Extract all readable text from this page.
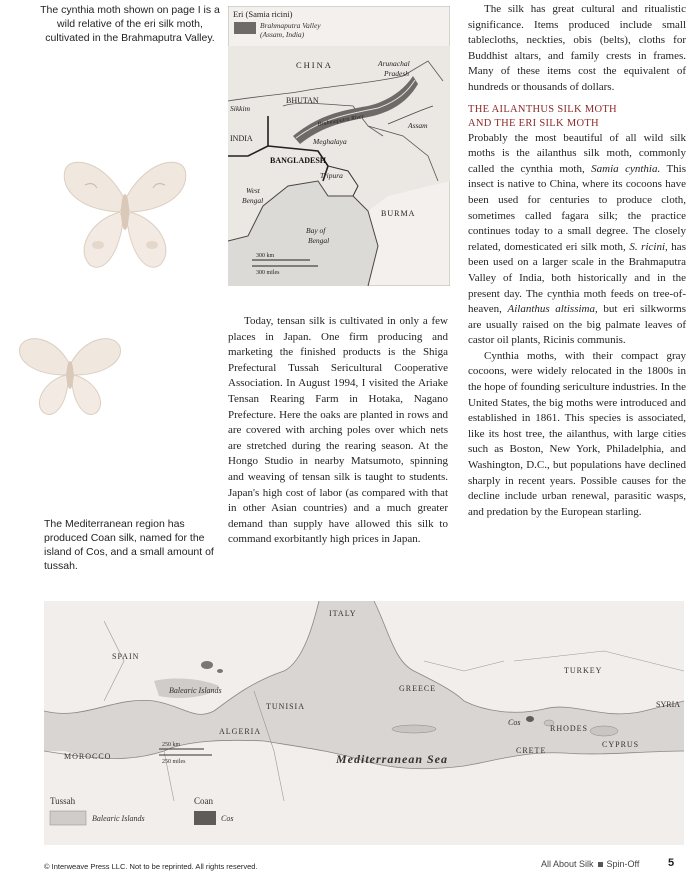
The cynthia moth shown on page I is a wild relative of the eri silk moth, cultivated in the Brahmaputra Valley.
Eri (Samia ricini)
Brahmaputra Valley
(Assam, India)
CHINA	Arunachal
Pradesh
Sikkim
BHUTAN
Brahmaputra River	Assam
INDIA	Meghalaya
BANGLADESH
Tripura
West
Bengal
BURMA
Bay of
Bengal
300 km
300 miles

Today, tensan silk is cultivated in only a few places in Japan. One firm producing and marketing the finished products is the Shiga Prefectural Tussah Sericultural Cooperative Association. In August 1994, I visited the Ariake Tensan Rearing Farm in Hotaka, Nagano Prefecture. Here the oaks are planted in rows and are covered with arching poles over which nets are stretched during the rearing season. At the Hongo Studio in nearby Matsumoto, spinning and weaving of tensan silk is taught to students. Japan's high cost of labor (as compared with that in other Asian countries) and a much greater demand than supply have allowed this silk to command exorbitantly high prices in Japan.

The silk has great cultural and ritualistic significance. Items produced include small tablecloths, neckties, obis (belts), cloths for Buddhist altars, and family crests in frames. Many of these items cost the equivalent of hundreds or thousands of dollars.

THE AILANTHUS SILK MOTH
AND THE ERI SILK MOTH

Probably the most beautiful of all wild silk moths is the ailanthus silk moth, commonly called the cynthia moth, Samia cynthia. This insect is native to China, where its cocoons have been used for centuries to produce cloth, sometimes called fagara silk; the practice continues today to a small degree. The closely related, domesticated eri silk moth, S. ricini, has been used on a larger scale in the Brahmaputra Valley of India, both historically and in the present day. The cynthia moth feeds on tree-of-heaven, Ailanthus altissima, but eri silkworms are usually raised on the big palmate leaves of castor oil plants, Ricinis communis.

Cynthia moths, with their compact gray cocoons, were widely relocated in the 1800s in the hope of founding sericulture industries. In the United States, the big moths were introduced and established in 1861. This species is associated, like its host tree, the ailanthus, with large cities such as Boston, New York, Philadelphia, and Washington, D.C., but populations have declined sharply in recent years. Possible causes for the decline include urban renewal, parasitic wasps, and predation by the European starling.

The Mediterranean region has produced Coan silk, named for the island of Cos, and a small amount of tussah.
ITALY
SPAIN
Balearic Islands	GREECE
TURKEY
SYRIA
TUNISIA
ALGERIA
Cos
RHODES
CYPRUS
CRETE
MOROCCO	Mediterranean Sea
250 km
250 miles
Tussah
Balearic Islands
Coan
Cos
© Interweave Press LLC. Not to be reprinted. All rights reserved.	All About Silk Spin-Off	5
